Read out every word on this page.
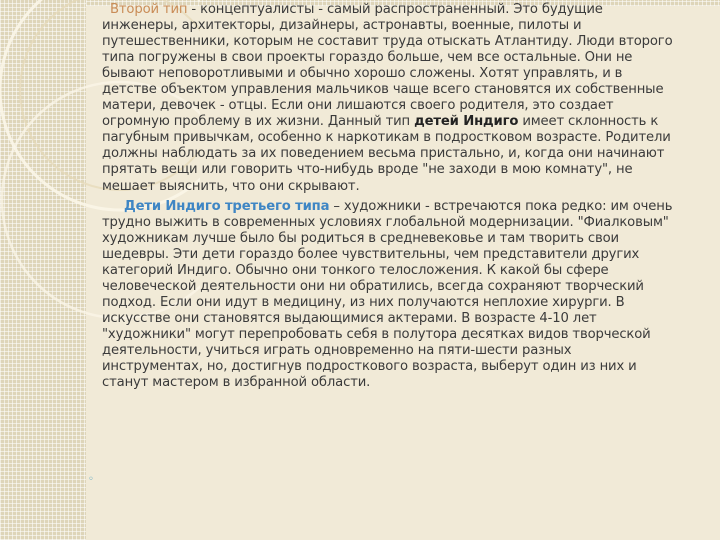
Второй тип - концептуалисты - самый распространенный. Это будущие инженеры, архитекторы, дизайнеры, астронавты, военные, пилоты и путешественники, которым не составит труда отыскать Атлантиду. Люди второго типа погружены в свои проекты гораздо больше, чем все остальные. Они не бывают неповоротливыми и обычно хорошо сложены. Хотят управлять, и в детстве объектом управления мальчиков чаще всего становятся их собственные матери, девочек - отцы. Если они лишаются своего родителя, это создает огромную проблему в их жизни. Данный тип детей Индиго имеет склонность к пагубным привычкам, особенно к наркотикам в подростковом возрасте. Родители должны наблюдать за их поведением весьма пристально, и, когда они начинают прятать вещи или говорить что-нибудь вроде "не заходи в мою комнату", не мешает выяснить, что они скрывают.

Дети Индиго третьего типа – художники - встречаются пока редко: им очень трудно выжить в современных условиях глобальной модернизации. "Фиалковым" художникам лучше было бы родиться в средневековье и там творить свои шедевры. Эти дети гораздо более чувствительны, чем представители других категорий Индиго. Обычно они тонкого телосложения. К какой бы сфере человеческой деятельности они ни обратились, всегда сохраняют творческий подход. Если они идут в медицину, из них получаются неплохие хирурги. В искусстве они становятся выдающимися актерами. В возрасте 4-10 лет "художники" могут перепробовать себя в полутора десятках видов творческой деятельности, учиться играть одновременно на пяти-шести разных инструментах, но, достигнув подросткового возраста, выберут один из них и станут мастером в избранной области.

◦
